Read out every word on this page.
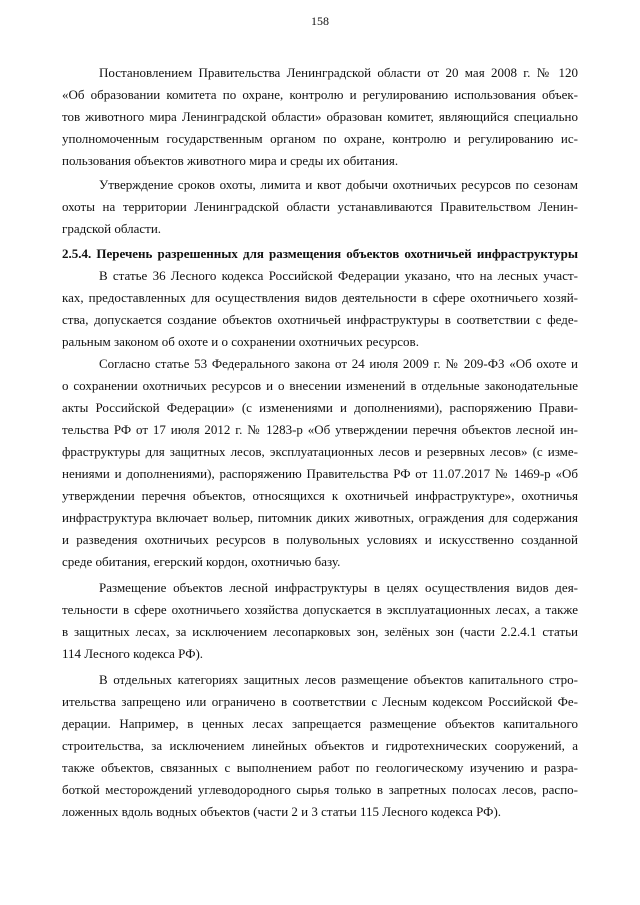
158
Постановлением Правительства Ленинградской области от 20 мая 2008 г. № 120
«Об образовании комитета по охране, контролю и регулированию использования объек-
тов животного мира Ленинградской области» образован комитет, являющийся специально
уполномоченным государственным органом по охране, контролю и регулированию ис-
пользования объектов животного мира и среды их обитания.
Утверждение сроков охоты, лимита и квот добычи охотничьих ресурсов по сезонам
охоты на территории Ленинградской области устанавливаются Правительством Ленин-
градской области.
2.5.4. Перечень разрешенных для размещения объектов охотничьей инфраструктуры
В статье 36 Лесного кодекса Российской Федерации указано, что на лесных участ-
ках, предоставленных для осуществления видов деятельности в сфере охотничьего хозяй-
ства, допускается создание объектов охотничьей инфраструктуры в соответствии с феде-
ральным законом об охоте и о сохранении охотничьих ресурсов.
Согласно статье 53 Федерального закона от 24 июля 2009 г. № 209-ФЗ «Об охоте и
о сохранении охотничьих ресурсов и о внесении изменений в отдельные законодательные
акты Российской Федерации» (с изменениями и дополнениями), распоряжению Прави-
тельства РФ от 17 июля 2012 г. № 1283-р «Об утверждении перечня объектов лесной ин-
фраструктуры для защитных лесов, эксплуатационных лесов и резервных лесов» (с изме-
нениями и дополнениями), распоряжению Правительства РФ от 11.07.2017 № 1469-р «Об
утверждении перечня объектов, относящихся к охотничьей инфраструктуре», охотничья
инфраструктура включает вольер, питомник диких животных, ограждения для содержания
и разведения охотничьих ресурсов в полувольных условиях и искусственно созданной
среде обитания, егерский кордон, охотничью базу.
Размещение объектов лесной инфраструктуры в целях осуществления видов дея-
тельности в сфере охотничьего хозяйства допускается в эксплуатационных лесах, а также
в защитных лесах, за исключением лесопарковых зон, зелёных зон (части 2.2.4.1 статьи
114 Лесного кодекса РФ).
В отдельных категориях защитных лесов размещение объектов капитального стро-
ительства запрещено или ограничено в соответствии с Лесным кодексом Российской Фе-
дерации. Например, в ценных лесах запрещается размещение объектов капитального
строительства, за исключением линейных объектов и гидротехнических сооружений, а
также объектов, связанных с выполнением работ по геологическому изучению и разра-
боткой месторождений углеводородного сырья только в запретных полосах лесов, распо-
ложенных вдоль водных объектов (части 2 и 3 статьи 115 Лесного кодекса РФ).
